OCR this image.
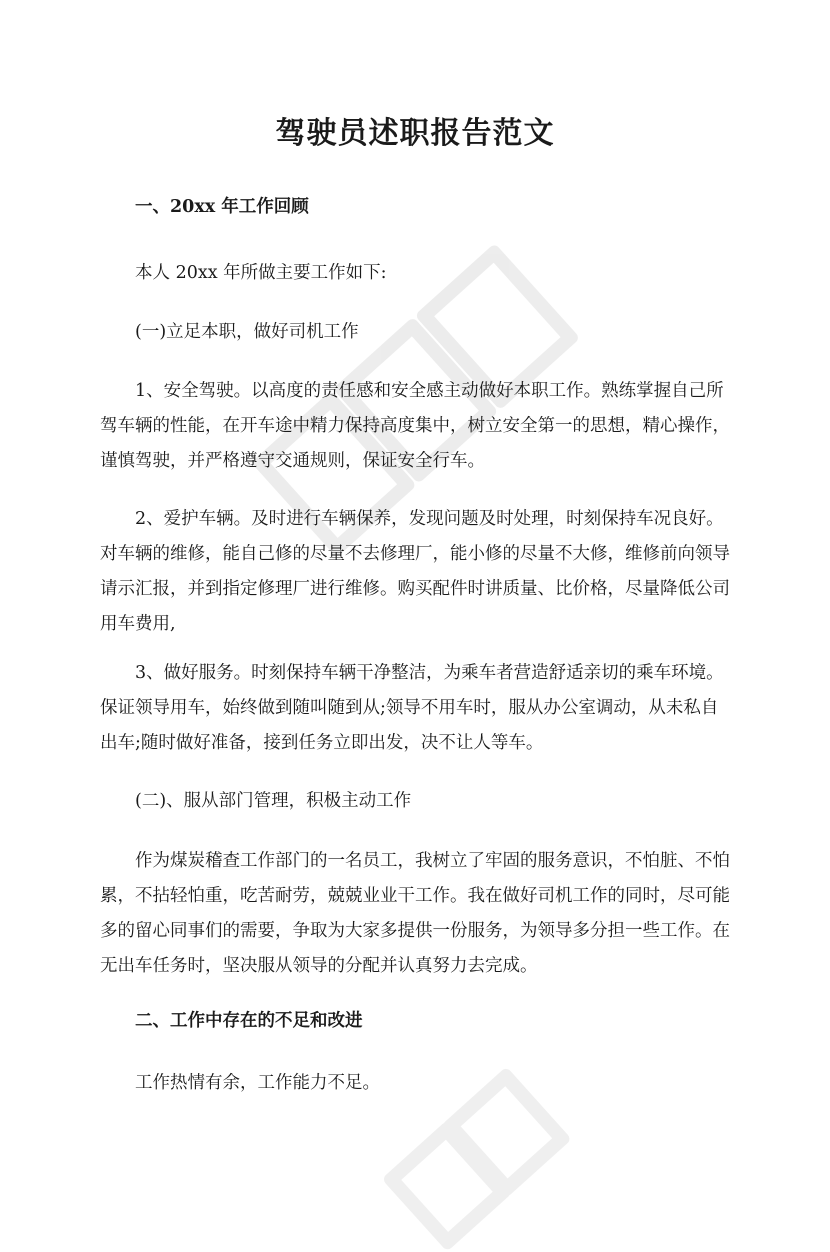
驾驶员述职报告范文

一、20xx 年工作回顾

本人 20xx 年所做主要工作如下:

(一)立足本职，做好司机工作

1、安全驾驶。以高度的责任感和安全感主动做好本职工作。熟练掌握自己所驾车辆的性能，在开车途中精力保持高度集中，树立安全第一的思想，精心操作，谨慎驾驶，并严格遵守交通规则，保证安全行车。

2、爱护车辆。及时进行车辆保养，发现问题及时处理，时刻保持车况良好。对车辆的维修，能自己修的尽量不去修理厂，能小修的尽量不大修，维修前向领导请示汇报，并到指定修理厂进行维修。购买配件时讲质量、比价格，尽量降低公司用车费用,

3、做好服务。时刻保持车辆干净整洁，为乘车者营造舒适亲切的乘车环境。保证领导用车，始终做到随叫随到从;领导不用车时，服从办公室调动，从未私自出车;随时做好准备，接到任务立即出发，决不让人等车。

(二)、服从部门管理，积极主动工作

作为煤炭稽查工作部门的一名员工，我树立了牢固的服务意识，不怕脏、不怕累，不拈轻怕重，吃苦耐劳，兢兢业业干工作。我在做好司机工作的同时，尽可能多的留心同事们的需要，争取为大家多提供一份服务，为领导多分担一些工作。在无出车任务时，坚决服从领导的分配并认真努力去完成。

二、工作中存在的不足和改进

工作热情有余，工作能力不足。
